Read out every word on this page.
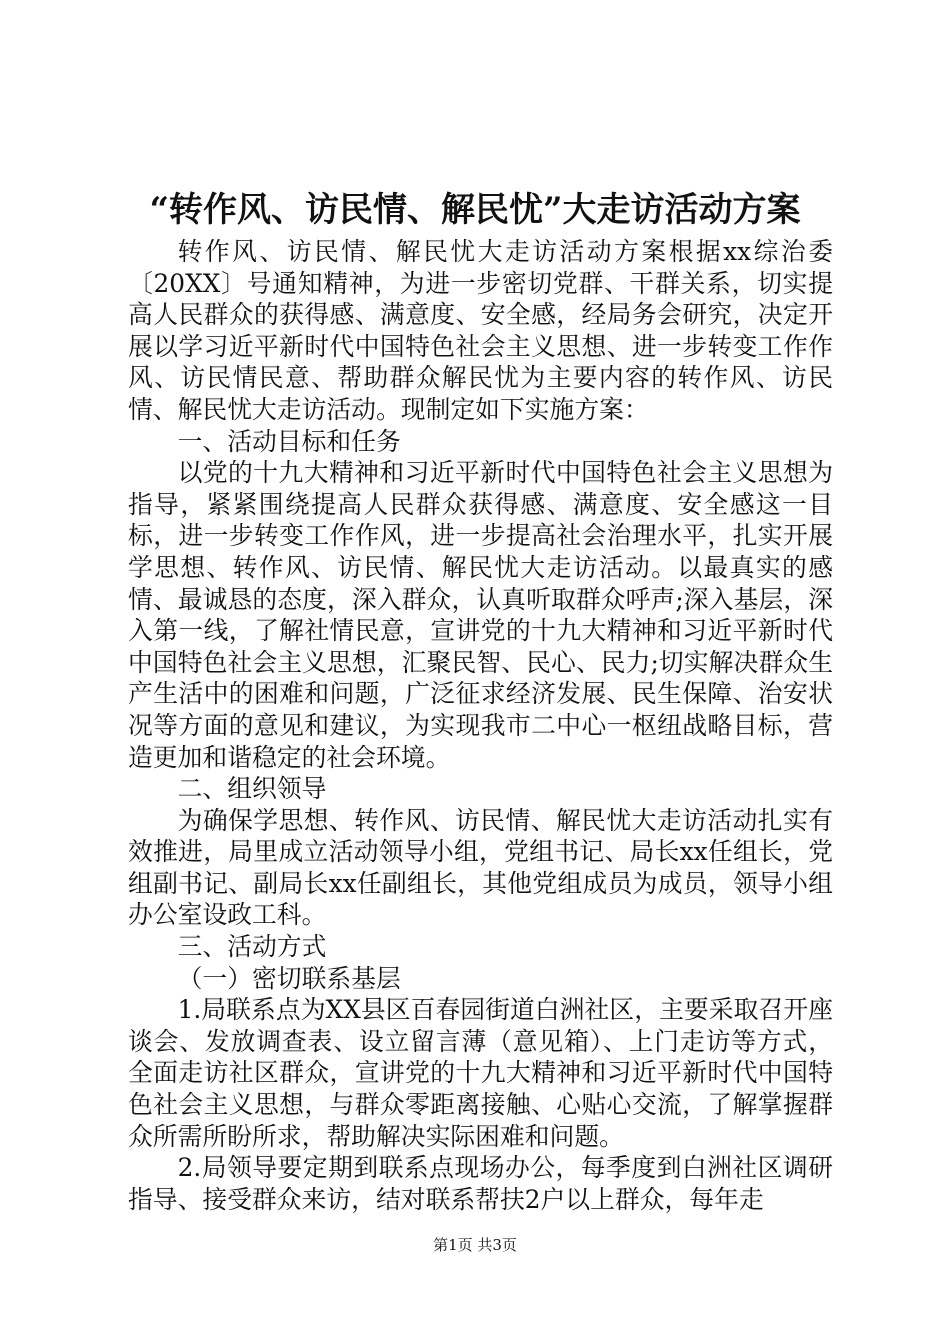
“转作风、访民情、解民忧”大走访活动方案

转作风、访民情、解民忧大走访活动方案根据xx综治委〔20XX〕号通知精神，为进一步密切党群、干群关系，切实提高人民群众的获得感、满意度、安全感，经局务会研究，决定开展以学习近平新时代中国特色社会主义思想、进一步转变工作作风、访民情民意、帮助群众解民忧为主要内容的转作风、访民情、解民忧大走访活动。现制定如下实施方案：

一、活动目标和任务

以党的十九大精神和习近平新时代中国特色社会主义思想为指导，紧紧围绕提高人民群众获得感、满意度、安全感这一目标，进一步转变工作作风，进一步提高社会治理水平，扎实开展学思想、转作风、访民情、解民忧大走访活动。以最真实的感情、最诚恳的态度，深入群众，认真听取群众呼声;深入基层，深入第一线，了解社情民意，宣讲党的十九大精神和习近平新时代中国特色社会主义思想，汇聚民智、民心、民力;切实解决群众生产生活中的困难和问题，广泛征求经济发展、民生保障、治安状况等方面的意见和建议，为实现我市二中心一枢纽战略目标，营造更加和谐稳定的社会环境。

二、组织领导

为确保学思想、转作风、访民情、解民忧大走访活动扎实有效推进，局里成立活动领导小组，党组书记、局长xx任组长，党组副书记、副局长xx任副组长，其他党组成员为成员，领导小组办公室设政工科。

三、活动方式

（一）密切联系基层

1.局联系点为XX县区百春园街道白洲社区，主要采取召开座谈会、发放调查表、设立留言薄（意见箱）、上门走访等方式，全面走访社区群众，宣讲党的十九大精神和习近平新时代中国特色社会主义思想，与群众零距离接触、心贴心交流，了解掌握群众所需所盼所求，帮助解决实际困难和问题。

2.局领导要定期到联系点现场办公，每季度到白洲社区调研指导、接受群众来访，结对联系帮扶2户以上群众，每年走

第1页 共3页
